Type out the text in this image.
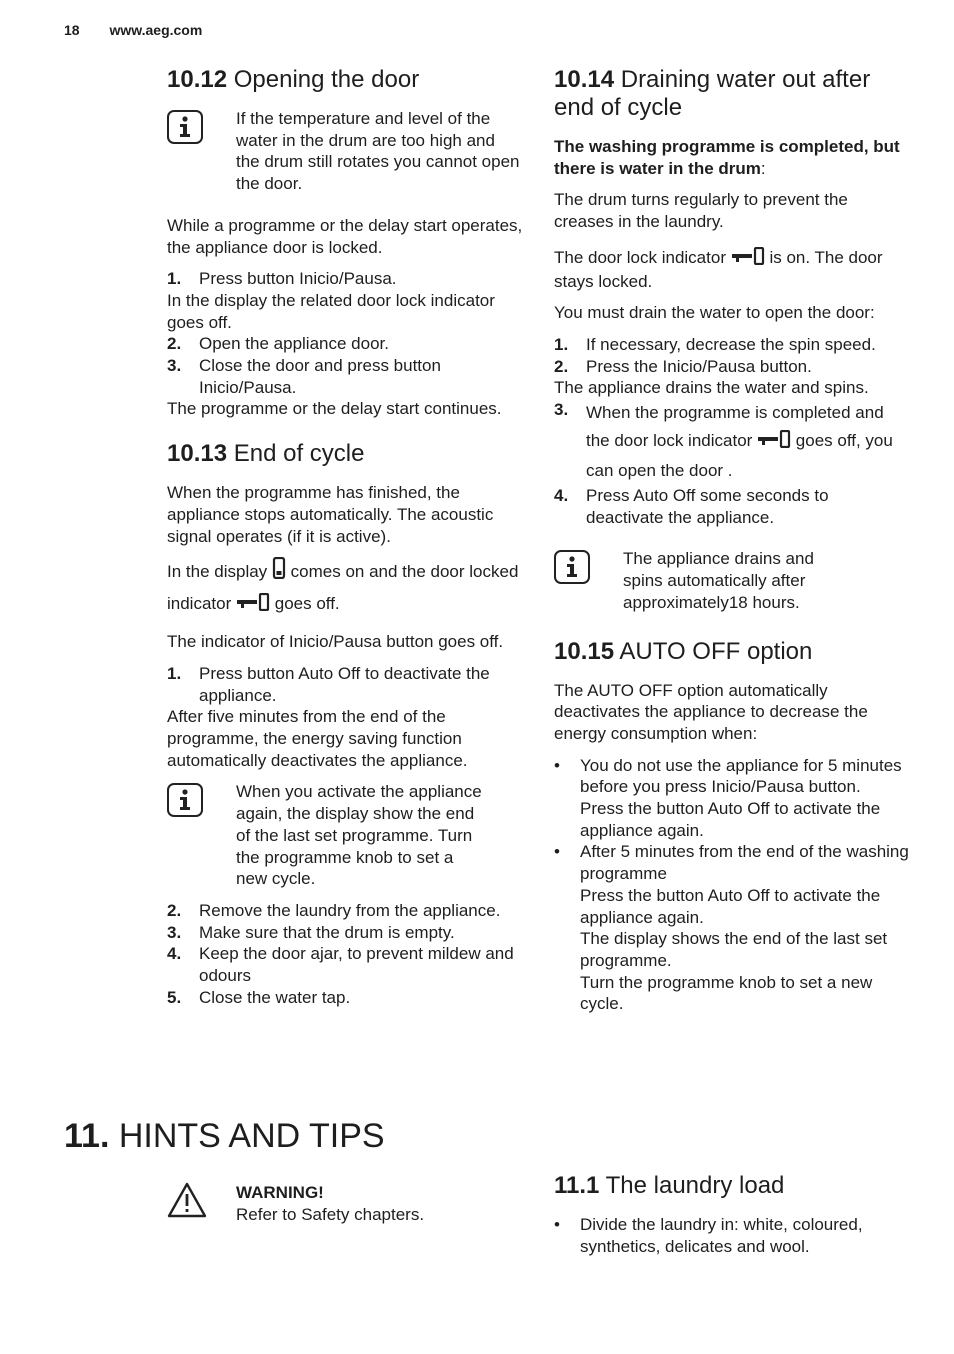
18 www.aeg.com
10.12 Opening the door
If the temperature and level of the water in the drum are too high and the drum still rotates you cannot open the door.

While a programme or the delay start operates, the appliance door is locked.

1.	Press button Inicio/Pausa.
In the display the related door lock indicator goes off.
2.	Open the appliance door.
3.	Close the door and press button Inicio/Pausa.
The programme or the delay start continues.
10.13 End of cycle

When the programme has finished, the appliance stops automatically. The acoustic signal operates (if it is active).

In the display comes on and the door locked indicator	goes off.

The indicator of Inicio/Pausa button goes off.

1.	Press button Auto Off to deactivate the appliance.
After five minutes from the end of the programme, the energy saving function automatically deactivates the appliance.
When you activate the appliance again, the display show the end of the last set programme. Turn the programme knob to set a new cycle.
2.	Remove the laundry from the appliance.
3.	Make sure that the drum is empty.
4.	Keep the door ajar, to prevent mildew and odours
5.	Close the water tap.
10.14 Draining water out after end of cycle

The washing programme is completed, but there is water in the drum:

The drum turns regularly to prevent the creases in the laundry.

The door lock indicator	is on. The door stays locked.

You must drain the water to open the door:

1.	If necessary, decrease the spin speed.
2.	Press the Inicio/Pausa button.
The appliance drains the water and spins.
3.	When the programme is completed and the door lock indicator	goes off, you can open the door .
4.	Press Auto Off some seconds to deactivate the appliance.
The appliance drains and spins automatically after approximately18 hours.
10.15 AUTO OFF option

The AUTO OFF option automatically deactivates the appliance to decrease the energy consumption when:

•	You do not use the appliance for 5 minutes before you press Inicio/Pausa button.
Press the button Auto Off to activate the appliance again.
•	After 5 minutes from the end of the washing programme
Press the button Auto Off to activate the appliance again.
The display shows the end of the last set programme.
Turn the programme knob to set a new cycle.
11. HINTS AND TIPS
WARNING!
Refer to Safety chapters.
11.1 The laundry load
•	Divide the laundry in: white, coloured, synthetics, delicates and wool.
